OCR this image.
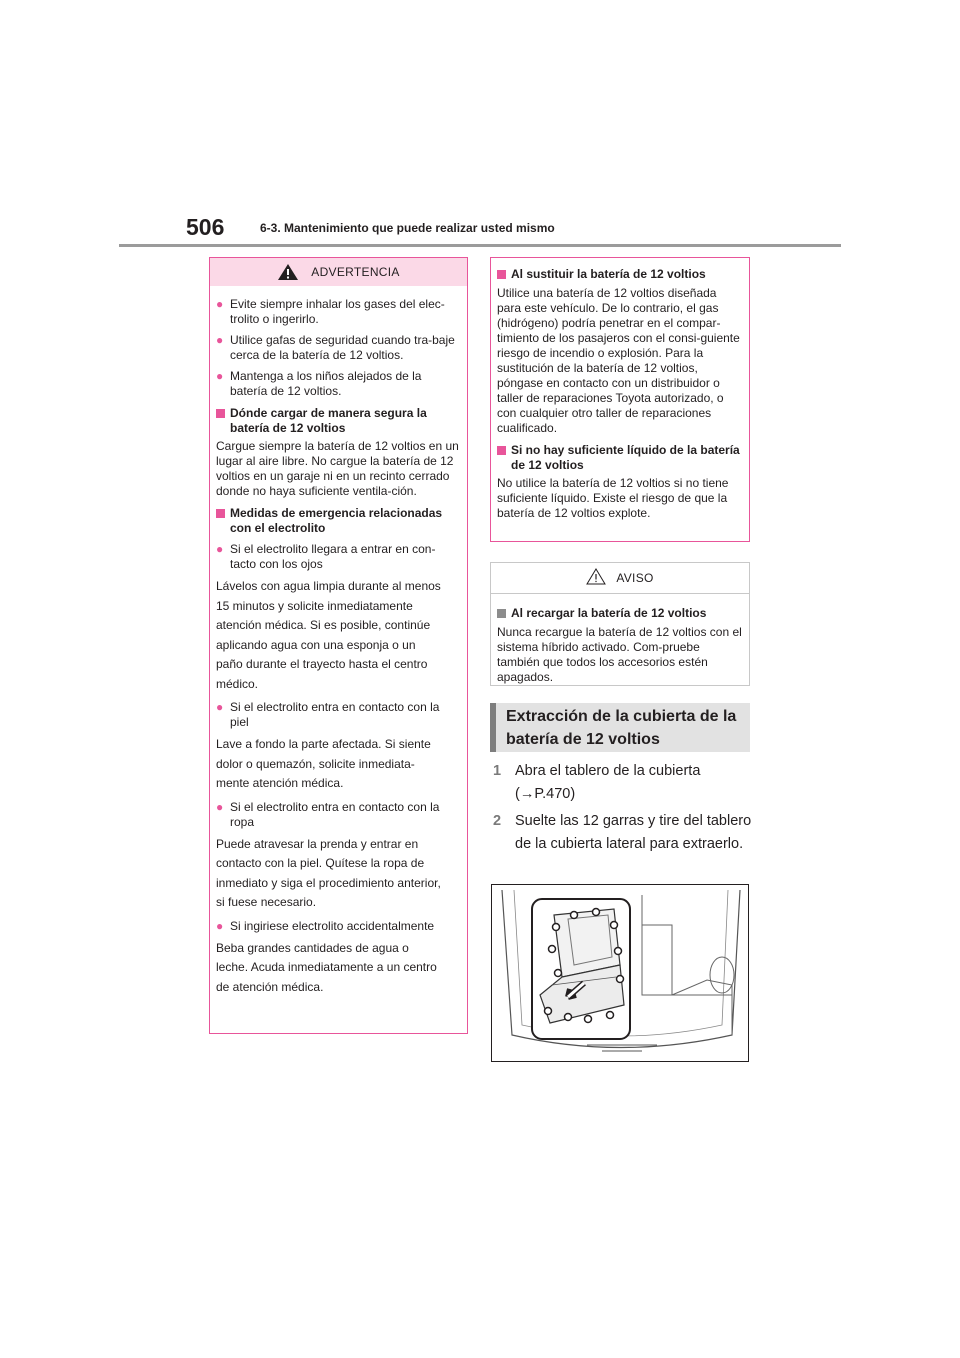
506	6-3. Mantenimiento que puede realizar usted mismo
ADVERTENCIA
● Evite siempre inhalar los gases del elec-trolito o ingerirlo.
● Utilice gafas de seguridad cuando tra-baje cerca de la batería de 12 voltios.
● Mantenga a los niños alejados de la batería de 12 voltios.
Dónde cargar de manera segura la batería de 12 voltios
Cargue siempre la batería de 12 voltios en un lugar al aire libre. No cargue la batería de 12 voltios en un garaje ni en un recinto cerrado donde no haya suficiente ventila-ción.
Medidas de emergencia relacionadas con el electrolito
● Si el electrolito llegara a entrar en con-tacto con los ojos
Lávelos con agua limpia durante al menos
15 minutos y solicite inmediatamente
atención médica. Si es posible, continúe
aplicando agua con una esponja o un
paño durante el trayecto hasta el centro
médico.
● Si el electrolito entra en contacto con la piel
Lave a fondo la parte afectada. Si siente
dolor o quemazón, solicite inmediata-
mente atención médica.
● Si el electrolito entra en contacto con la ropa
Puede atravesar la prenda y entrar en
contacto con la piel. Quítese la ropa de
inmediato y siga el procedimiento anterior,
si fuese necesario.
● Si ingiriese electrolito accidentalmente
Beba grandes cantidades de agua o
leche. Acuda inmediatamente a un centro
de atención médica.
Al sustituir la batería de 12 voltios
Utilice una batería de 12 voltios diseñada para este vehículo. De lo contrario, el gas (hidrógeno) podría penetrar en el compar-timiento de los pasajeros con el consi-guiente riesgo de incendio o explosión. Para la sustitución de la batería de 12 voltios, póngase en contacto con un distribuidor o taller de reparaciones Toyota autorizado, o con cualquier otro taller de reparaciones cualificado.
Si no hay suficiente líquido de la batería de 12 voltios
No utilice la batería de 12 voltios si no tiene suficiente líquido. Existe el riesgo de que la batería de 12 voltios explote.
AVISO
Al recargar la batería de 12 voltios
Nunca recargue la batería de 12 voltios con el sistema híbrido activado. Com-pruebe también que todos los accesorios estén apagados.
Extracción de la cubierta de la batería de 12 voltios
1 Abra el tablero de la cubierta (→P.470)
2 Suelte las 12 garras y tire del tablero de la cubierta lateral para extraerlo.
